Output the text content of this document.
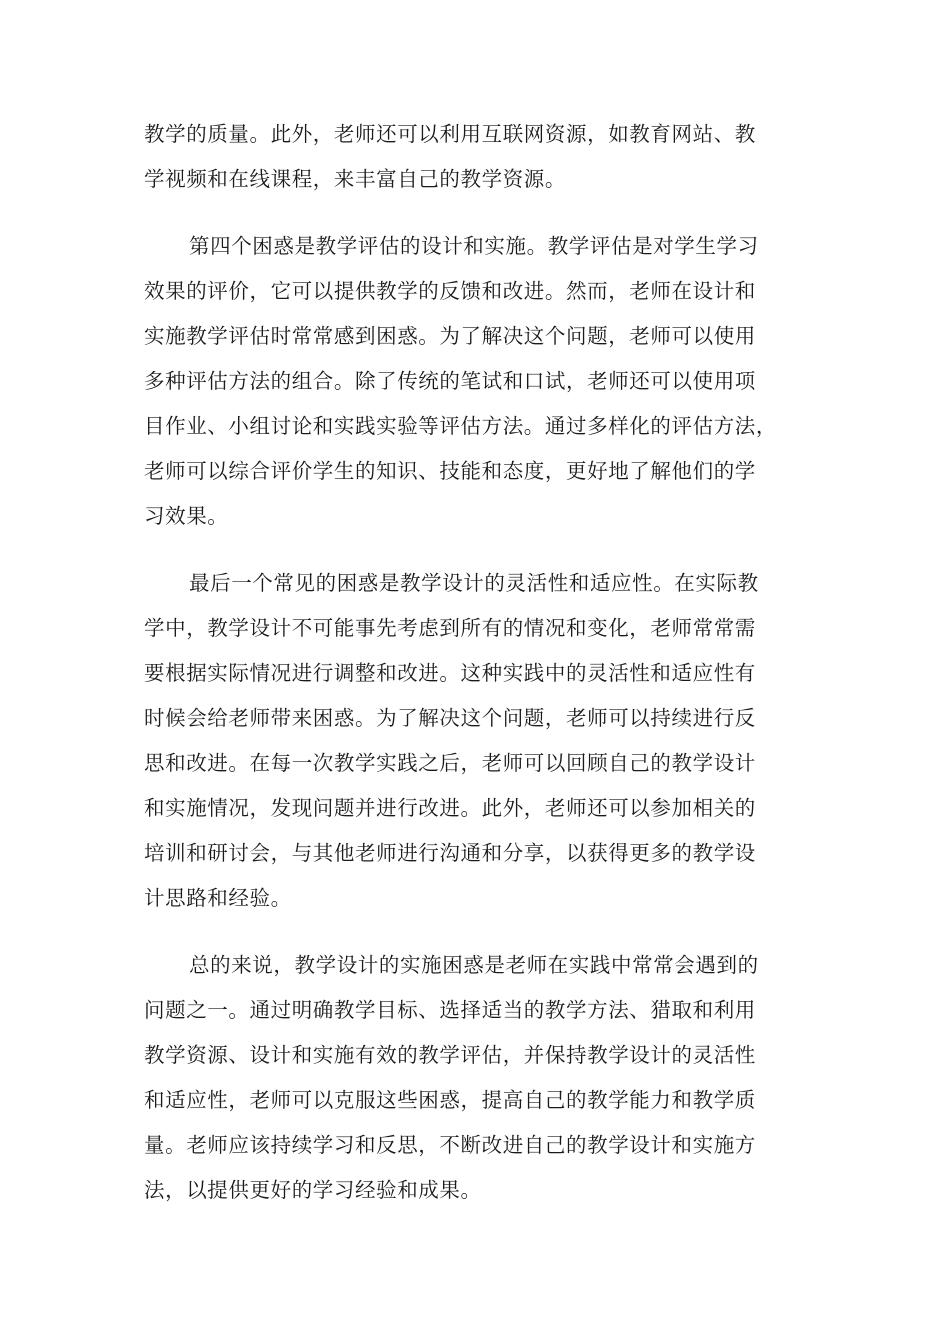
教学的质量。此外，老师还可以利用互联网资源，如教育网站、教
学视频和在线课程，来丰富自己的教学资源。

第四个困惑是教学评估的设计和实施。教学评估是对学生学习
效果的评价，它可以提供教学的反馈和改进。然而，老师在设计和
实施教学评估时常常感到困惑。为了解决这个问题，老师可以使用
多种评估方法的组合。除了传统的笔试和口试，老师还可以使用项
目作业、小组讨论和实践实验等评估方法。通过多样化的评估方法，
老师可以综合评价学生的知识、技能和态度，更好地了解他们的学
习效果。

最后一个常见的困惑是教学设计的灵活性和适应性。在实际教
学中，教学设计不可能事先考虑到所有的情况和变化，老师常常需
要根据实际情况进行调整和改进。这种实践中的灵活性和适应性有
时候会给老师带来困惑。为了解决这个问题，老师可以持续进行反
思和改进。在每一次教学实践之后，老师可以回顾自己的教学设计
和实施情况，发现问题并进行改进。此外，老师还可以参加相关的
培训和研讨会，与其他老师进行沟通和分享，以获得更多的教学设
计思路和经验。

总的来说，教学设计的实施困惑是老师在实践中常常会遇到的
问题之一。通过明确教学目标、选择适当的教学方法、猎取和利用
教学资源、设计和实施有效的教学评估，并保持教学设计的灵活性
和适应性，老师可以克服这些困惑，提高自己的教学能力和教学质
量。老师应该持续学习和反思，不断改进自己的教学设计和实施方
法，以提供更好的学习经验和成果。
